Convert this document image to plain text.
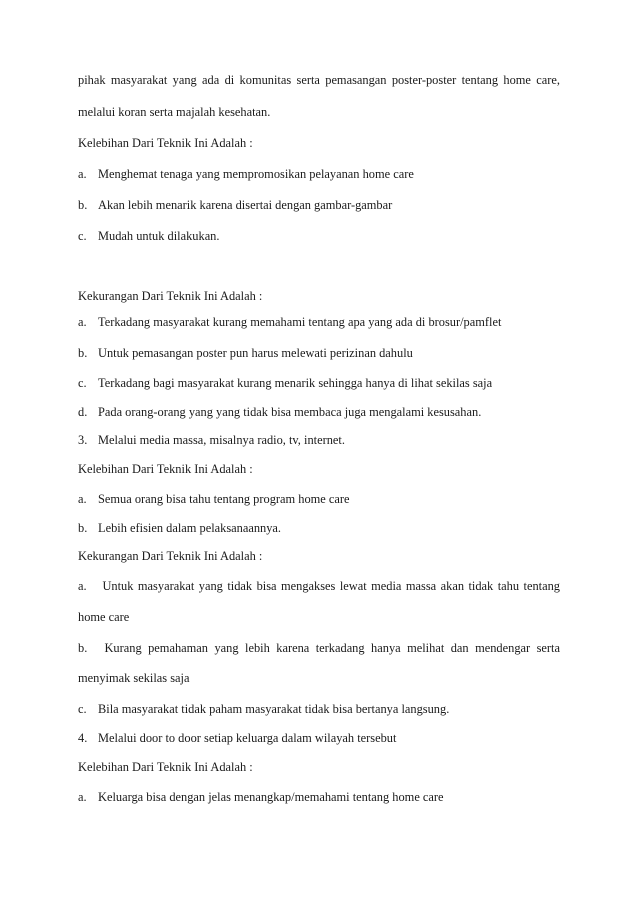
pihak masyarakat yang ada di komunitas serta pemasangan poster-poster tentang home care,
melalui koran serta majalah kesehatan.
Kelebihan Dari Teknik Ini Adalah :
a. Menghemat tenaga yang mempromosikan pelayanan home care
b. Akan lebih menarik karena disertai dengan gambar-gambar
c. Mudah untuk dilakukan.
Kekurangan Dari Teknik Ini Adalah :
a. Terkadang masyarakat kurang memahami tentang apa yang ada di brosur/pamflet
b. Untuk pemasangan poster pun harus melewati perizinan dahulu
c. Terkadang bagi masyarakat kurang menarik sehingga hanya di lihat sekilas saja
d. Pada orang-orang yang yang tidak bisa membaca juga mengalami kesusahan.
3. Melalui media massa, misalnya radio, tv, internet.
Kelebihan Dari Teknik Ini Adalah :
a. Semua orang bisa tahu tentang program home care
b. Lebih efisien dalam pelaksanaannya.
Kekurangan Dari Teknik Ini Adalah :
a. Untuk masyarakat yang tidak bisa mengakses lewat media massa akan tidak tahu tentang
home care
b. Kurang pemahaman yang lebih karena terkadang hanya melihat dan mendengar serta
menyimak sekilas saja
c. Bila masyarakat tidak paham masyarakat tidak bisa bertanya langsung.
4. Melalui door to door setiap keluarga dalam wilayah tersebut
Kelebihan Dari Teknik Ini Adalah :
a. Keluarga bisa dengan jelas menangkap/memahami tentang home care
